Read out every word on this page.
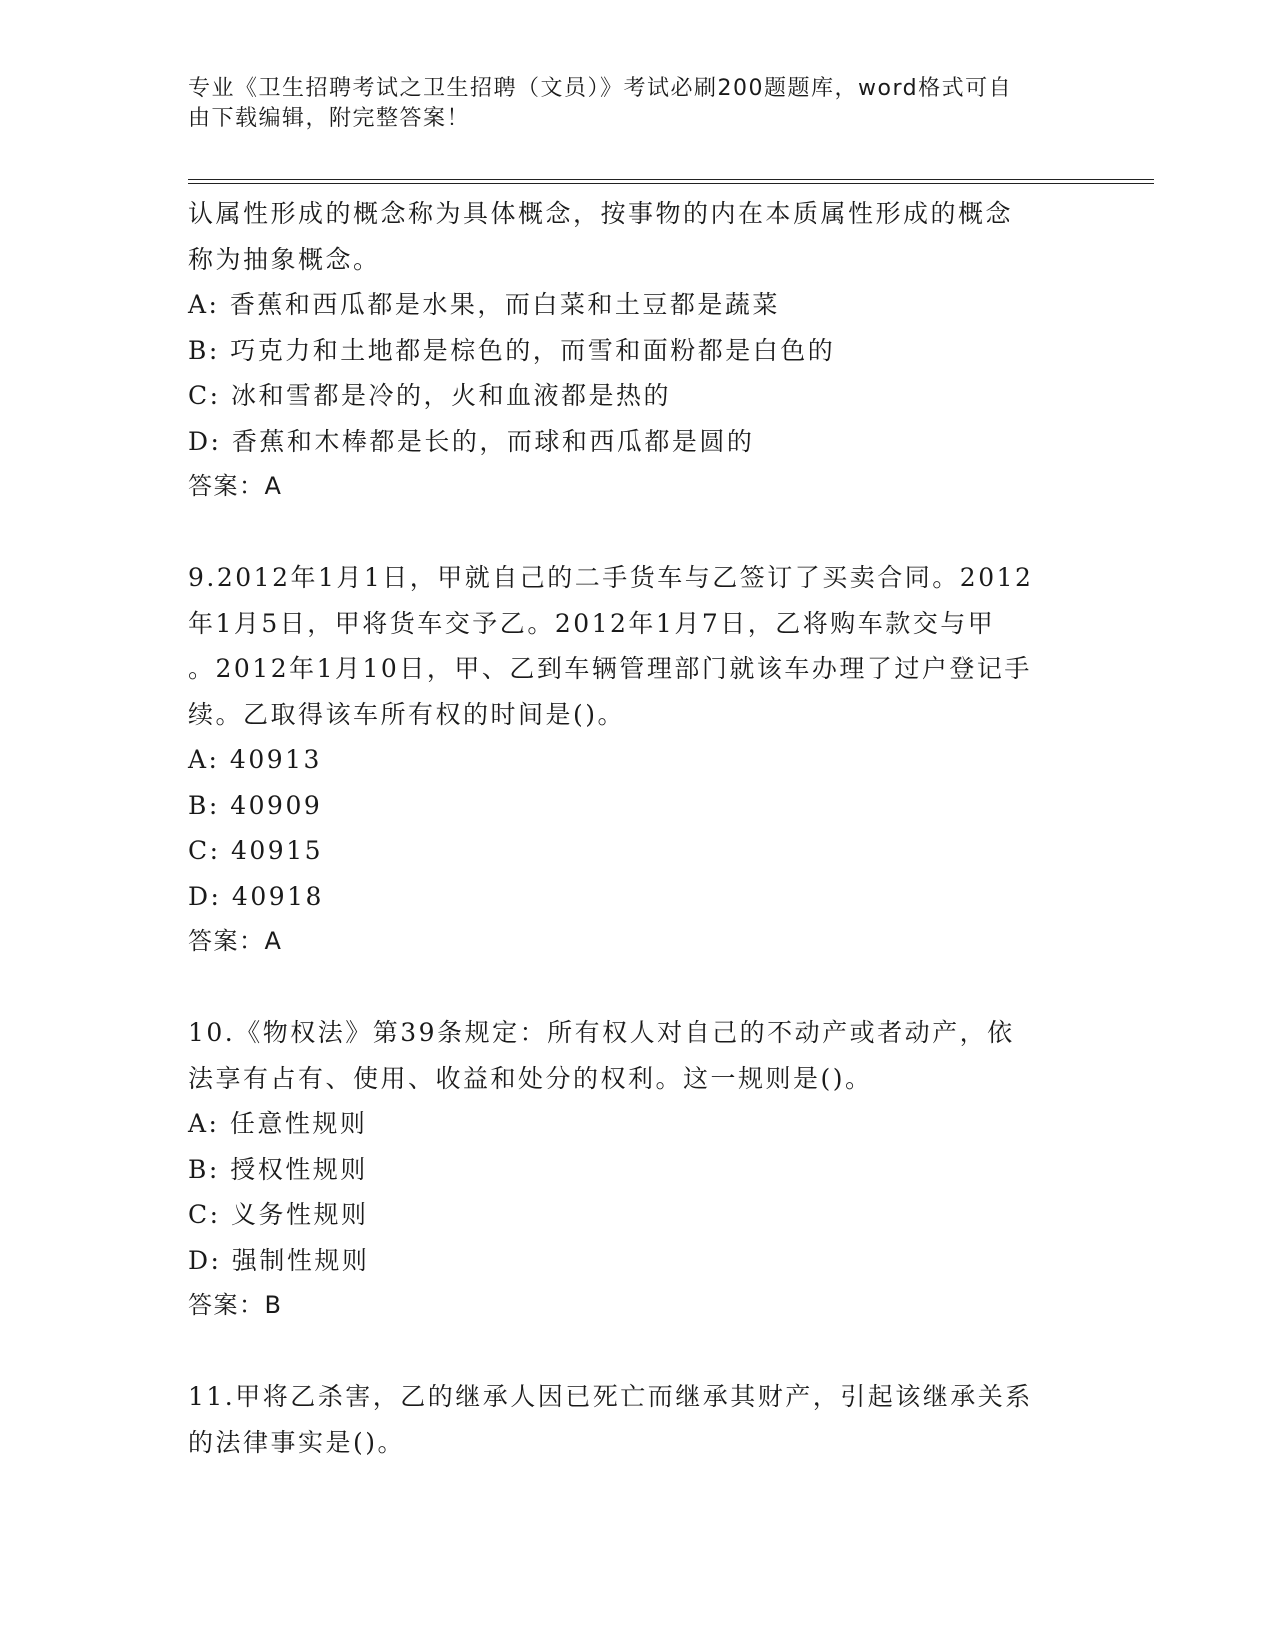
专业《卫生招聘考试之卫生招聘（文员）》考试必刷200题题库，word格式可自
由下载编辑，附完整答案！
认属性形成的概念称为具体概念，按事物的内在本质属性形成的概念
称为抽象概念。
A: 香蕉和西瓜都是水果，而白菜和土豆都是蔬菜
B: 巧克力和土地都是棕色的，而雪和面粉都是白色的
C: 冰和雪都是冷的，火和血液都是热的
D: 香蕉和木棒都是长的，而球和西瓜都是圆的
答案：A
9.2012年1月1日，甲就自己的二手货车与乙签订了买卖合同。2012
年1月5日，甲将货车交予乙。2012年1月7日，乙将购车款交与甲
。2012年1月10日，甲、乙到车辆管理部门就该车办理了过户登记手
续。乙取得该车所有权的时间是()。
A: 40913
B: 40909
C: 40915
D: 40918
答案：A
10.《物权法》第39条规定：所有权人对自己的不动产或者动产，依
法享有占有、使用、收益和处分的权利。这一规则是()。
A: 任意性规则
B: 授权性规则
C: 义务性规则
D: 强制性规则
答案：B
11.甲将乙杀害，乙的继承人因已死亡而继承其财产，引起该继承关系
的法律事实是()。
